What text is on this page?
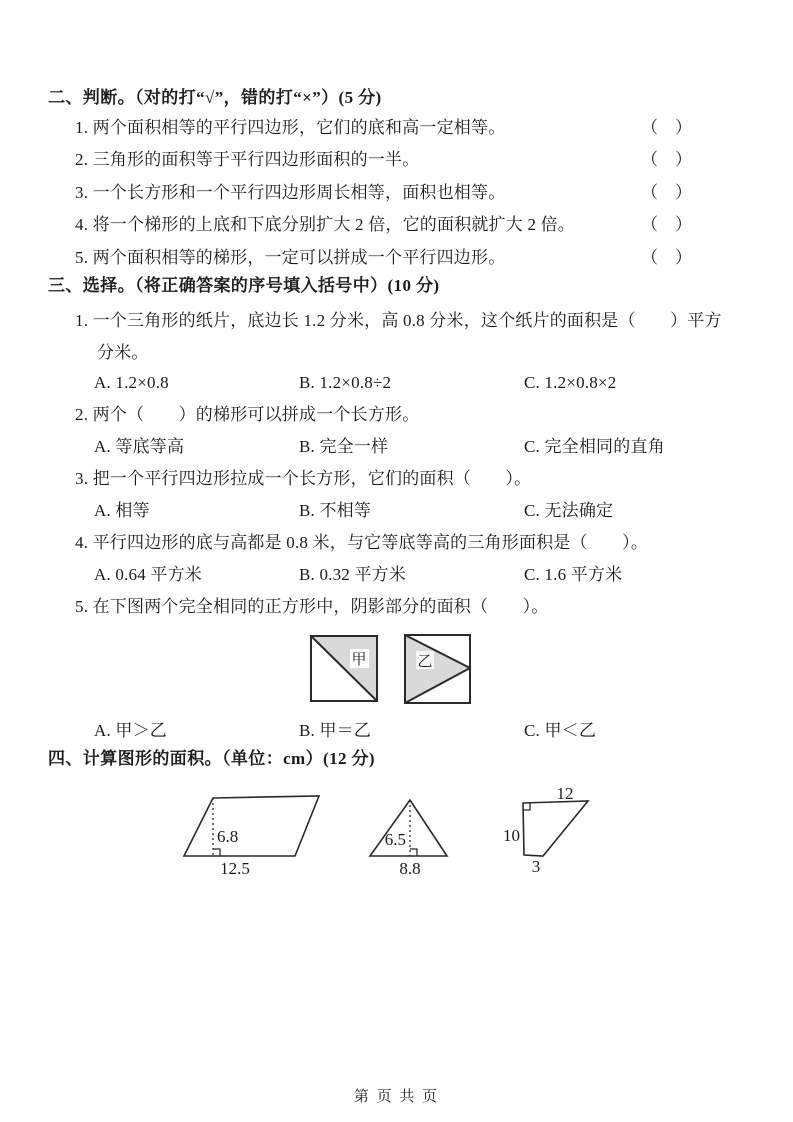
二、判断。（对的打“√”，错的打“×”）(5 分)
1. 两个面积相等的平行四边形，它们的底和高一定相等。	（　）
2. 三角形的面积等于平行四边形面积的一半。	（　）
3. 一个长方形和一个平行四边形周长相等，面积也相等。	（　）
4. 将一个梯形的上底和下底分别扩大 2 倍，它的面积就扩大 2 倍。	（　）
5. 两个面积相等的梯形，一定可以拼成一个平行四边形。	（　）
三、选择。（将正确答案的序号填入括号中）(10 分)
1. 一个三角形的纸片，底边长 1.2 分米，高 0.8 分米，这个纸片的面积是（　　）平方
分米。
A. 1.2×0.8	B. 1.2×0.8÷2	C. 1.2×0.8×2
2. 两个（　　）的梯形可以拼成一个长方形。
A. 等底等高	B. 完全一样	C. 完全相同的直角
3. 把一个平行四边形拉成一个长方形，它们的面积（　　）。
A. 相等	B. 不相等	C. 无法确定
4. 平行四边形的底与高都是 0.8 米，与它等底等高的三角形面积是（　　）。
A. 0.64 平方米	B. 0.32 平方米	C. 1.6 平方米
5. 在下图两个完全相同的正方形中，阴影部分的面积（　　）。
甲	乙
A. 甲＞乙	B. 甲＝乙	C. 甲＜乙
四、计算图形的面积。（单位：cm）(12 分)
6.8
12.5
6.5
8.8
12
10
3
第 页 共 页
